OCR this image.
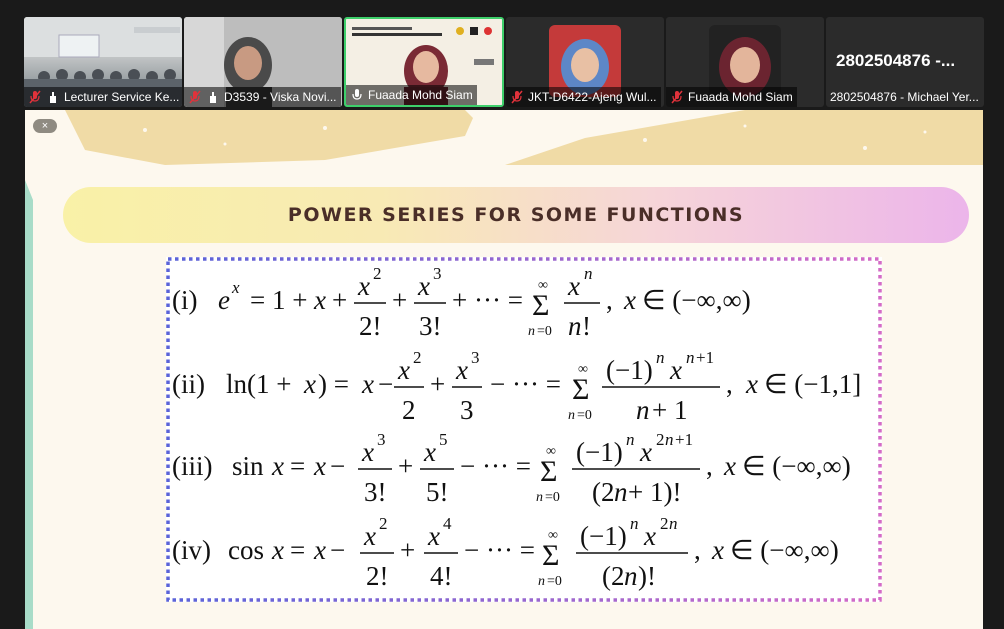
Lecturer Service Ke...	D3539 - Viska Novi...	Fuaada Mohd Siam	JKT-D6422-Ajeng Wul...	Fuaada Mohd Siam
2802504876 -...
2802504876 - Michael Yer...
×
POWER SERIES FOR SOME FUNCTIONS
(i) e x = 1 + x + x 2
2!
+ x 3
3!
+ ··· = ∞
Σ
n =0
x n
n !
, x ∈ (−∞,∞)
(ii) ln(1 + x ) = x − x 2
2
+ x 3
3
− ··· = ∞
Σ
n =0
(−1) n x n +1
n + 1
, x ∈ (−1,1]
(iii) sin x = x − x 3
3!
+ x 5
5!
− ··· = ∞
Σ
n =0
(−1) n x 2 n +1
(2 n + 1)!
, x ∈ (−∞,∞)
(iv) cos x = x − x 2
2!
+ x 4
4!
− ··· = ∞
Σ
n =0
(−1) n x 2 n
(2 n )!
, x ∈ (−∞,∞)
